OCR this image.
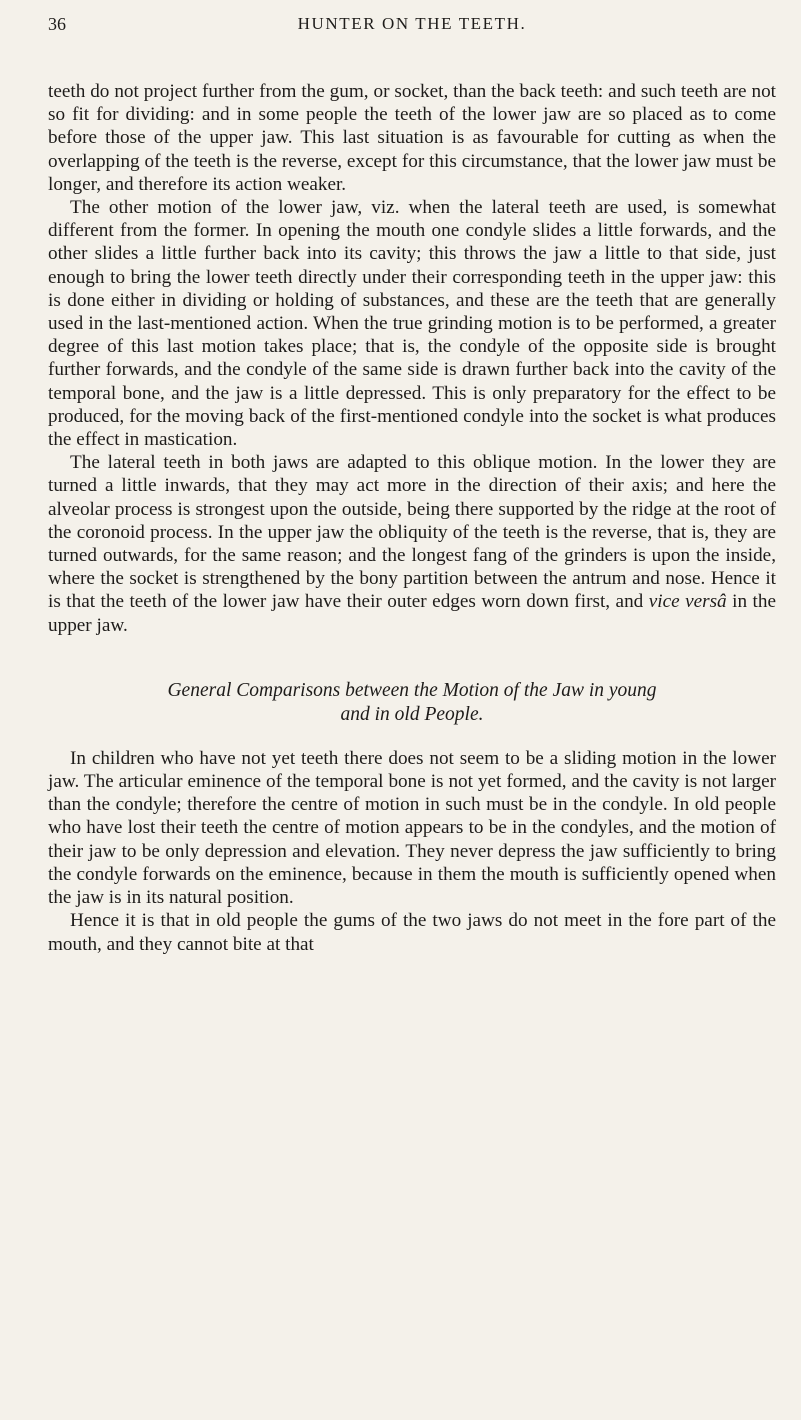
36	HUNTER ON THE TEETH.

teeth do not project further from the gum, or socket, than the back teeth: and such teeth are not so fit for dividing: and in some people the teeth of the lower jaw are so placed as to come before those of the upper jaw. This last situation is as favourable for cutting as when the overlapping of the teeth is the reverse, except for this circumstance, that the lower jaw must be longer, and therefore its action weaker.

The other motion of the lower jaw, viz. when the lateral teeth are used, is somewhat different from the former. In opening the mouth one condyle slides a little forwards, and the other slides a little further back into its cavity; this throws the jaw a little to that side, just enough to bring the lower teeth directly under their corresponding teeth in the upper jaw: this is done either in dividing or holding of substances, and these are the teeth that are generally used in the last-mentioned action. When the true grinding motion is to be performed, a greater degree of this last motion takes place; that is, the condyle of the opposite side is brought further forwards, and the condyle of the same side is drawn further back into the cavity of the temporal bone, and the jaw is a little depressed. This is only preparatory for the effect to be produced, for the moving back of the first-mentioned condyle into the socket is what produces the effect in mastication.

The lateral teeth in both jaws are adapted to this oblique motion. In the lower they are turned a little inwards, that they may act more in the direction of their axis; and here the alveolar process is strongest upon the outside, being there supported by the ridge at the root of the coronoid process. In the upper jaw the obliquity of the teeth is the reverse, that is, they are turned outwards, for the same reason; and the longest fang of the grinders is upon the inside, where the socket is strengthened by the bony partition between the antrum and nose. Hence it is that the teeth of the lower jaw have their outer edges worn down first, and vice versâ in the upper jaw.

General Comparisons between the Motion of the Jaw in young
and in old People.

In children who have not yet teeth there does not seem to be a sliding motion in the lower jaw. The articular eminence of the temporal bone is not yet formed, and the cavity is not larger than the condyle; therefore the centre of motion in such must be in the condyle. In old people who have lost their teeth the centre of motion appears to be in the condyles, and the motion of their jaw to be only depression and elevation. They never depress the jaw sufficiently to bring the condyle forwards on the eminence, because in them the mouth is sufficiently opened when the jaw is in its natural position.

Hence it is that in old people the gums of the two jaws do not meet in the fore part of the mouth, and they cannot bite at that
